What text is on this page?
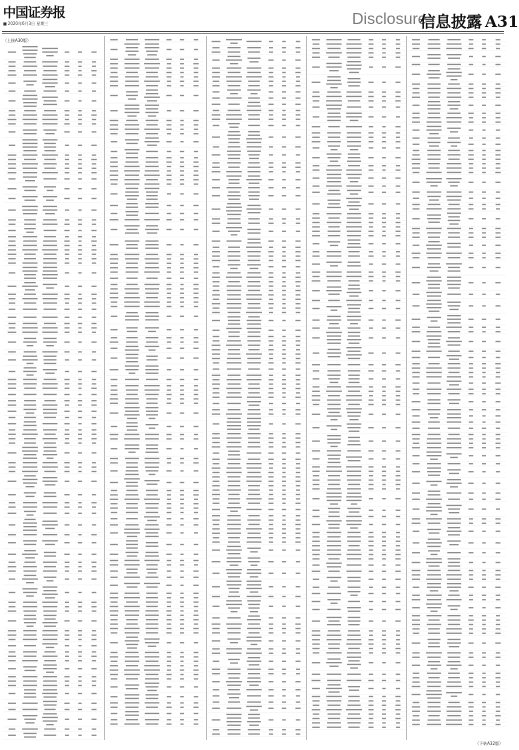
中国证券报
■2020年6月3日 星期三	Disclosure
信息披露 A31
（上接A30版）
（下转A32版）
